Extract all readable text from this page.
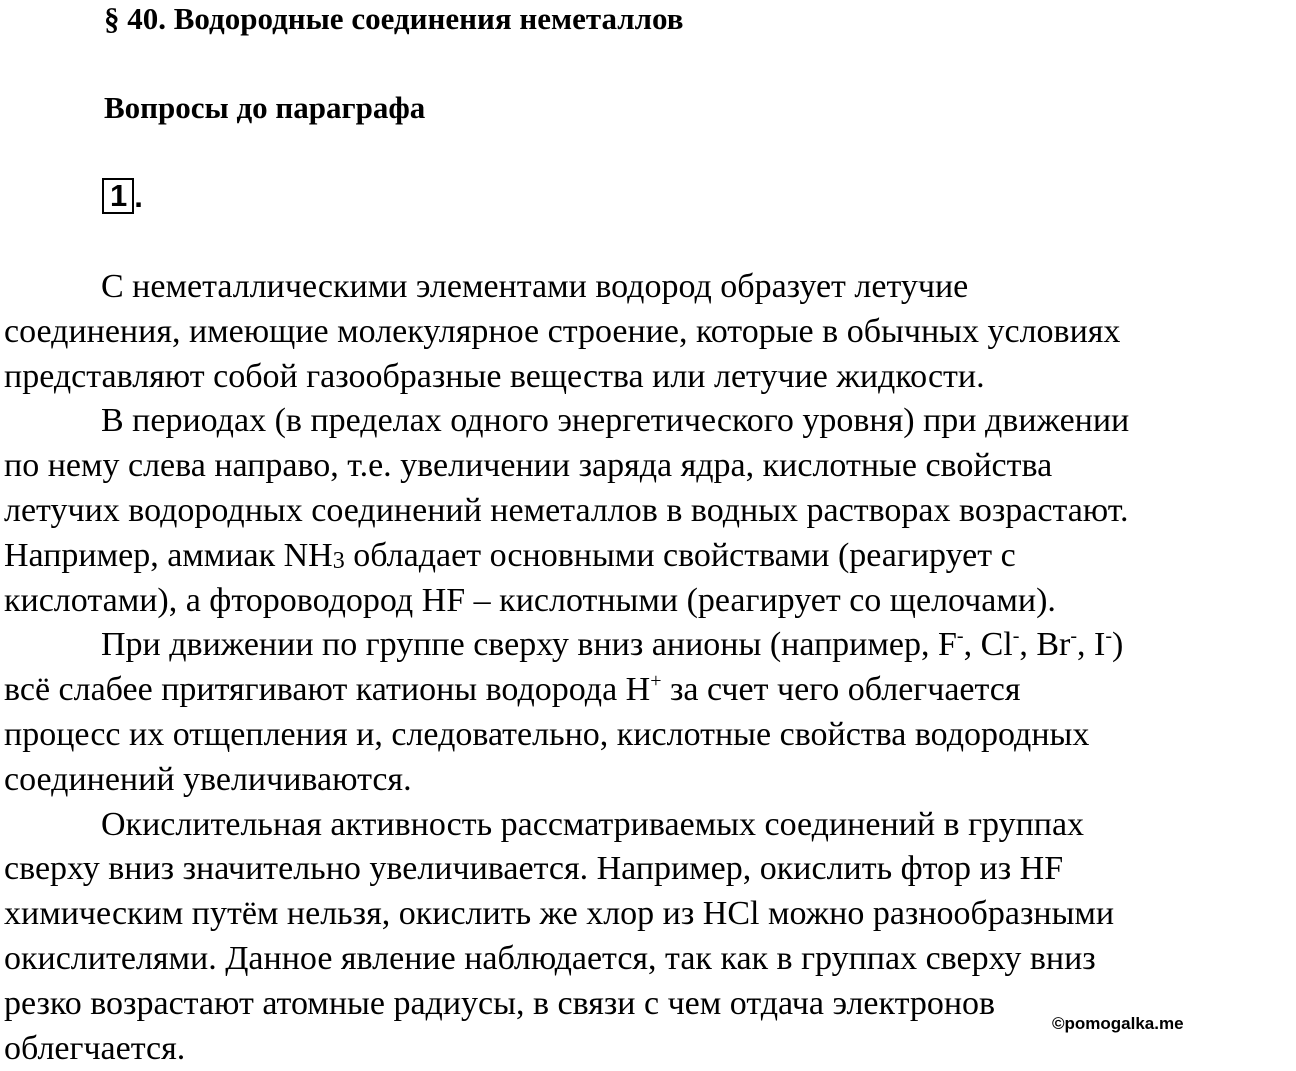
§ 40. Водородные соединения неметаллов
Вопросы до параграфа
1 .

С неметаллическими элементами водород образует летучие
соединения, имеющие молекулярное строение, которые в обычных условиях
представляют собой газообразные вещества или летучие жидкости.

В периодах (в пределах одного энергетического уровня) при движении
по нему слева направо, т.е. увеличении заряда ядра, кислотные свойства
летучих водородных соединений неметаллов в водных растворах возрастают.
Например, аммиак $NH_3$ обладает основными свойствами (реагирует с
кислотами), а фтороводород HF – кислотными (реагирует со щелочами).

При движении по группе сверху вниз анионы (например, F-, Cl-, Br-, I-)
всё слабее притягивают катионы водорода H+ за счет чего облегчается
процесс их отщепления и, следовательно, кислотные свойства водородных
соединений увеличиваются.

Окислительная активность рассматриваемых соединений в группах
сверху вниз значительно увеличивается. Например, окислить фтор из HF
химическим путём нельзя, окислить же хлор из HCl можно разнообразными
окислителями. Данное явление наблюдается, так как в группах сверху вниз
резко возрастают атомные радиусы, в связи с чем отдача электронов
облегчается.

©pomogalka.me
